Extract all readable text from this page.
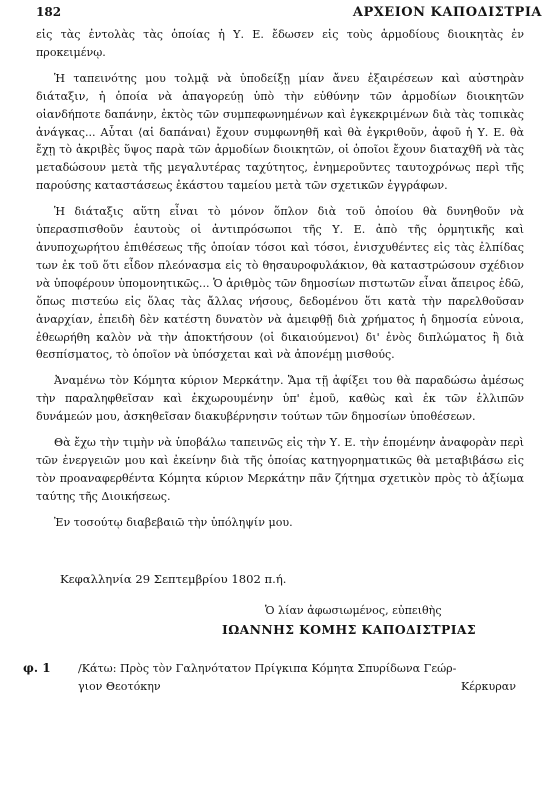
182	ΑΡΧΕΙΟΝ ΚΑΠΟΔΙΣΤΡΙΑ

εἰς τὰς ἐντολὰς τὰς ὁποίας ἡ Υ. Ε. ἔδωσεν εἰς τοὺς ἁρμοδίους διοικητὰς ἐν προκειμένῳ.

Ἡ ταπεινότης μου τολμᾷ νὰ ὑποδείξῃ μίαν ἄνευ ἐξαιρέσεων καὶ αὐστηρὰν διάταξιν, ἡ ὁποία νὰ ἀπαγορεύῃ ὑπὸ τὴν εὐθύνην τῶν ἁρμοδίων διοικητῶν οἱανδήποτε δαπάνην, ἐκτὸς τῶν συμπεφωνημένων καὶ ἐγκεκριμένων διὰ τὰς τοπικὰς ἀνάγκας... Αὗται ⟨αἱ δαπάναι⟩ ἔχουν συμφωνηθῆ καὶ θὰ ἐγκριθοῦν, ἀφοῦ ἡ Υ. Ε. θὰ ἔχῃ τὸ ἀκριβὲς ὕψος παρὰ τῶν ἁρμοδίων διοικητῶν, οἱ ὁποῖοι ἔχουν διαταχθῆ νὰ τὰς μεταδώσουν μετὰ τῆς μεγαλυτέρας ταχύτητος, ἐνημεροῦντες ταυτοχρόνως περὶ τῆς παρούσης καταστάσεως ἑκάστου ταμείου μετὰ τῶν σχετικῶν ἐγγράφων.

Ἡ διάταξις αὕτη εἶναι τὸ μόνον ὅπλον διὰ τοῦ ὁποίου θὰ δυνηθοῦν νὰ ὑπερασπισθοῦν ἑαυτοὺς οἱ ἀντιπρόσωποι τῆς Υ. Ε. ἀπὸ τῆς ὁρμητικῆς καὶ ἀνυποχωρήτου ἐπιθέσεως τῆς ὁποίαν τόσοι καὶ τόσοι, ἐνισχυθέντες εἰς τὰς ἐλπίδας των ἐκ τοῦ ὅτι εἶδον πλεόνασμα εἰς τὸ θησαυροφυλάκιον, θὰ καταστρώσουν σχέδιον νὰ ὑποφέρουν ὑπομονητικῶς... Ὁ ἀριθμὸς τῶν δημοσίων πιστωτῶν εἶναι ἄπειρος ἐδῶ, ὅπως πιστεύω εἰς ὅλας τὰς ἄλλας νήσους, δεδομένου ὅτι κατὰ τὴν παρελθοῦσαν ἀναρχίαν, ἐπειδὴ δὲν κατέστη δυνατὸν νὰ ἀμειφθῇ διὰ χρήματος ἡ δημοσία εὐνοια, ἐθεωρήθη καλὸν νὰ τὴν ἀποκτήσουν ⟨οἱ δικαιούμενοι⟩ δι' ἑνὸς διπλώματος ἢ διὰ θεσπίσματος, τὸ ὁποῖον νὰ ὑπόσχεται καὶ νὰ ἀπονέμῃ μισθούς.

Ἀναμένω τὸν Κόμητα κύριον Μερκάτην. Ἅμα τῇ ἀφίξει του θὰ παραδώσω ἀμέσως τὴν παραληφθεῖσαν καὶ ἐκχωρουμένην ὑπ' ἐμοῦ, καθὼς καὶ ἐκ τῶν ἐλλιπῶν δυνάμεών μου, ἀσκηθεῖσαν διακυβέρνησιν τούτων τῶν δημοσίων ὑποθέσεων.

Θὰ ἔχω τὴν τιμὴν νὰ ὑποβάλω ταπεινῶς εἰς τὴν Υ. Ε. τὴν ἑπομένην ἀναφορὰν περὶ τῶν ἐνεργειῶν μου καὶ ἐκείνην διὰ τῆς ὁποίας κατηγορηματικῶς θὰ μεταβιβάσω εἰς τὸν προαναφερθέντα Κόμητα κύριον Μερκάτην πᾶν ζήτημα σχετικὸν πρὸς τὸ ἀξίωμα ταύτης τῆς Διοικήσεως.

Ἐν τοσούτῳ διαβεβαιῶ τὴν ὑπόληψίν μου.

Κεφαλληνία 29 Σεπτεμβρίου 1802 π.ή.
Ὁ λίαν ἀφωσιωμένος, εὐπειθὴς
ΙΩΑΝΝΗΣ ΚΟΜΗΣ ΚΑΠΟΔΙΣΤΡΙΑΣ
φ. 1 /Κάτω: Πρὸς τὸν Γαληνότατον Πρίγκιπα Κόμητα Σπυρίδωνα Γεώρ-
γιον Θεοτόκην	Κέρκυραν
